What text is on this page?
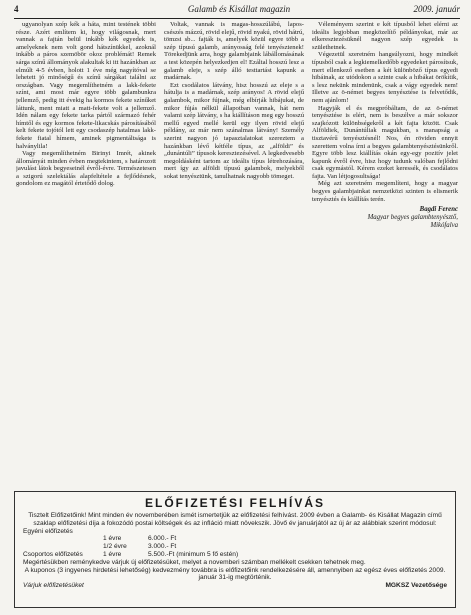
4	Galamb és Kisállat magazin	2009. január

ugyanolyan szép kék a háta, mint testének többi része. Azért említem ki, hogy világosnak, mert vannak a fajtán belül inkább kék egyedek is, amelyeknek nem volt gond hátszínükkel, azoknál inkább a páros szemöbör okoz problémát! Remek sárga színű állományok alakultak ki itt hazánkban az elmúlt 4-5 évben, holott 1 éve még nagyítóval se lehetett jó minőségű és színű sárgákat találni az országban. Vagy megemlíthetném a lakk-fekete színt, ami most már egyre több galambunkra jellemző, pedig itt évekig ha kormos fekete színűket láttunk, ment miatt a matt-fekete volt a jellemző. Idén nálam egy fekete tarka pártól származó fehér hímtől és egy kormos fekete-likacskás párosításából kelt fekete tojótól lett egy csodaszép hatalmas lakk-fekete fiatal hímem, aminek pigmentáltsága is halványlila!

Vagy megemlíthetném Birinyi Imrét, akinek állományát minden évben megtekintem, s határozott javulást látok begyeseinél évről-évre. Természetesen a szigorú szelektálás alapfeltétele a fejlődésnek, gondolom ez magától értetődő dolog.

Voltak, vannak is magas-hosszúlábú, lapos-csészés mázzú, rövid elejű, rövid nyakú, rövid hátrú, tömzsi sb... fajták is, amelyek közül egyre több a szép típusú galamb, arányosság felé tenyésztenek! Törekedjünk arra, hogy galambjaink lábállomásának a test közepén helyezkedjen el! Ezáltal hosszú lesz a galamb eleje, s szép álló testtartást kapunk a madárnak.

Ezt csodálatos látvány, hisz hosszú az eleje s a hátulja is a madárnak, szép arányos! A rövid elejű galambok, mikor fújnak, még elbírják hibájukat, de mikor fújás nélkül állapotban vannak, hát nem valami szép látvány, s ha kiállításon meg egy hosszú mellű egyed mellé kerül egy ilyen rövid elejű példány, az már nem szánalmas látvány! Személy szerint nagyon jó tapasztalatokat szereztem a hazánkban lévő kétféle típus, az „alföldi” és „dunántúli” típusok keresztezésével. A legkedvesebb megoldásként tartom az ideális típus létrehozására, mert így az alföldi típusú galambok, melyekből sokat tenyésztünk, tanulhatnak nagyobb tömeget.

Véleményem szerint e két típusból lehet elérni az ideális legjobban megközelítő példányokat, már az elkeresztezésüknél nagyon szép egyedek is születhetnek.

Végezetül szeretném hangsúlyozni, hogy mindkét típusból csak a legkiemelkedőbb egyedeket párosítsuk, mert ellenkező esetben a két különböző típus egyedi hibáinak, az utódokon a szinte csak a hibákat örökítik, s lesz nekünk mindenünk, csak a vágy egyedek nem! Illetve az ö-német begyes tenyésztése is felvetődik, nem ajánlom!

Hagyják el és megpróbáltam, de az ö-német tenyésztése is elért, nem is beszélve a már sokszor szajkózott különbségekről a két fajta között. Csak Alföldiek, Dunántúliak magukban, s manapság a tisztavérű tenyésztésnél! Nos, én röviden ennyit szerettem volna írni a begyes galambtenyésztésünkről. Egyre több lesz kiállítás okán egy-egy pozitív jelet kapunk évről évre, hisz hogy tudunk valóban fejlődni csak egymástól. Kérem ezeket keressék, és csodálatos fajta. Van létjogosultsága!

Még azt szeretném megemlíteni, hogy a magyar begyes galambjainkat nemzetközi szinten is elismerik tenyésztés és kiállítás terén.

Bagdi Ferenc
Magyar begyes galambtenyésztő,
Mikófalva
ELŐFIZETÉSI FELHÍVÁS
Tisztelt Előfizetőink! Mint minden év novemberében ismét ismertetjük az előfizetési felhívást. 2009 évben a Galamb- és Kisállat Magazin című szaklap előfizetési díja a fokozódó postai költségek és az infláció miatt növekszik. Jövő év januárjától az új ár az alábbiak szerint módosul:
Egyéni előfizetés
1 évre	6.000.- Ft
1/2 évre	3.000.- Ft
Csoportos előfizetés	1 évre	5.500.-Ft (minimum 5 fő estén)
Megértésükben reménykedve várjuk új előfizetésüket, melyet a novemberi számban mellékelt csekken tehetnek meg.
A kuponos (3 ingyenes hirdetési lehetőség) kedvezmény továbbra is előfizetőink rendelkezésére áll, amennyiben az egész éves előfizetés 2009. január 31-ig megtörténik.
Várjuk előfizetésüket	MGKSZ Vezetősége
